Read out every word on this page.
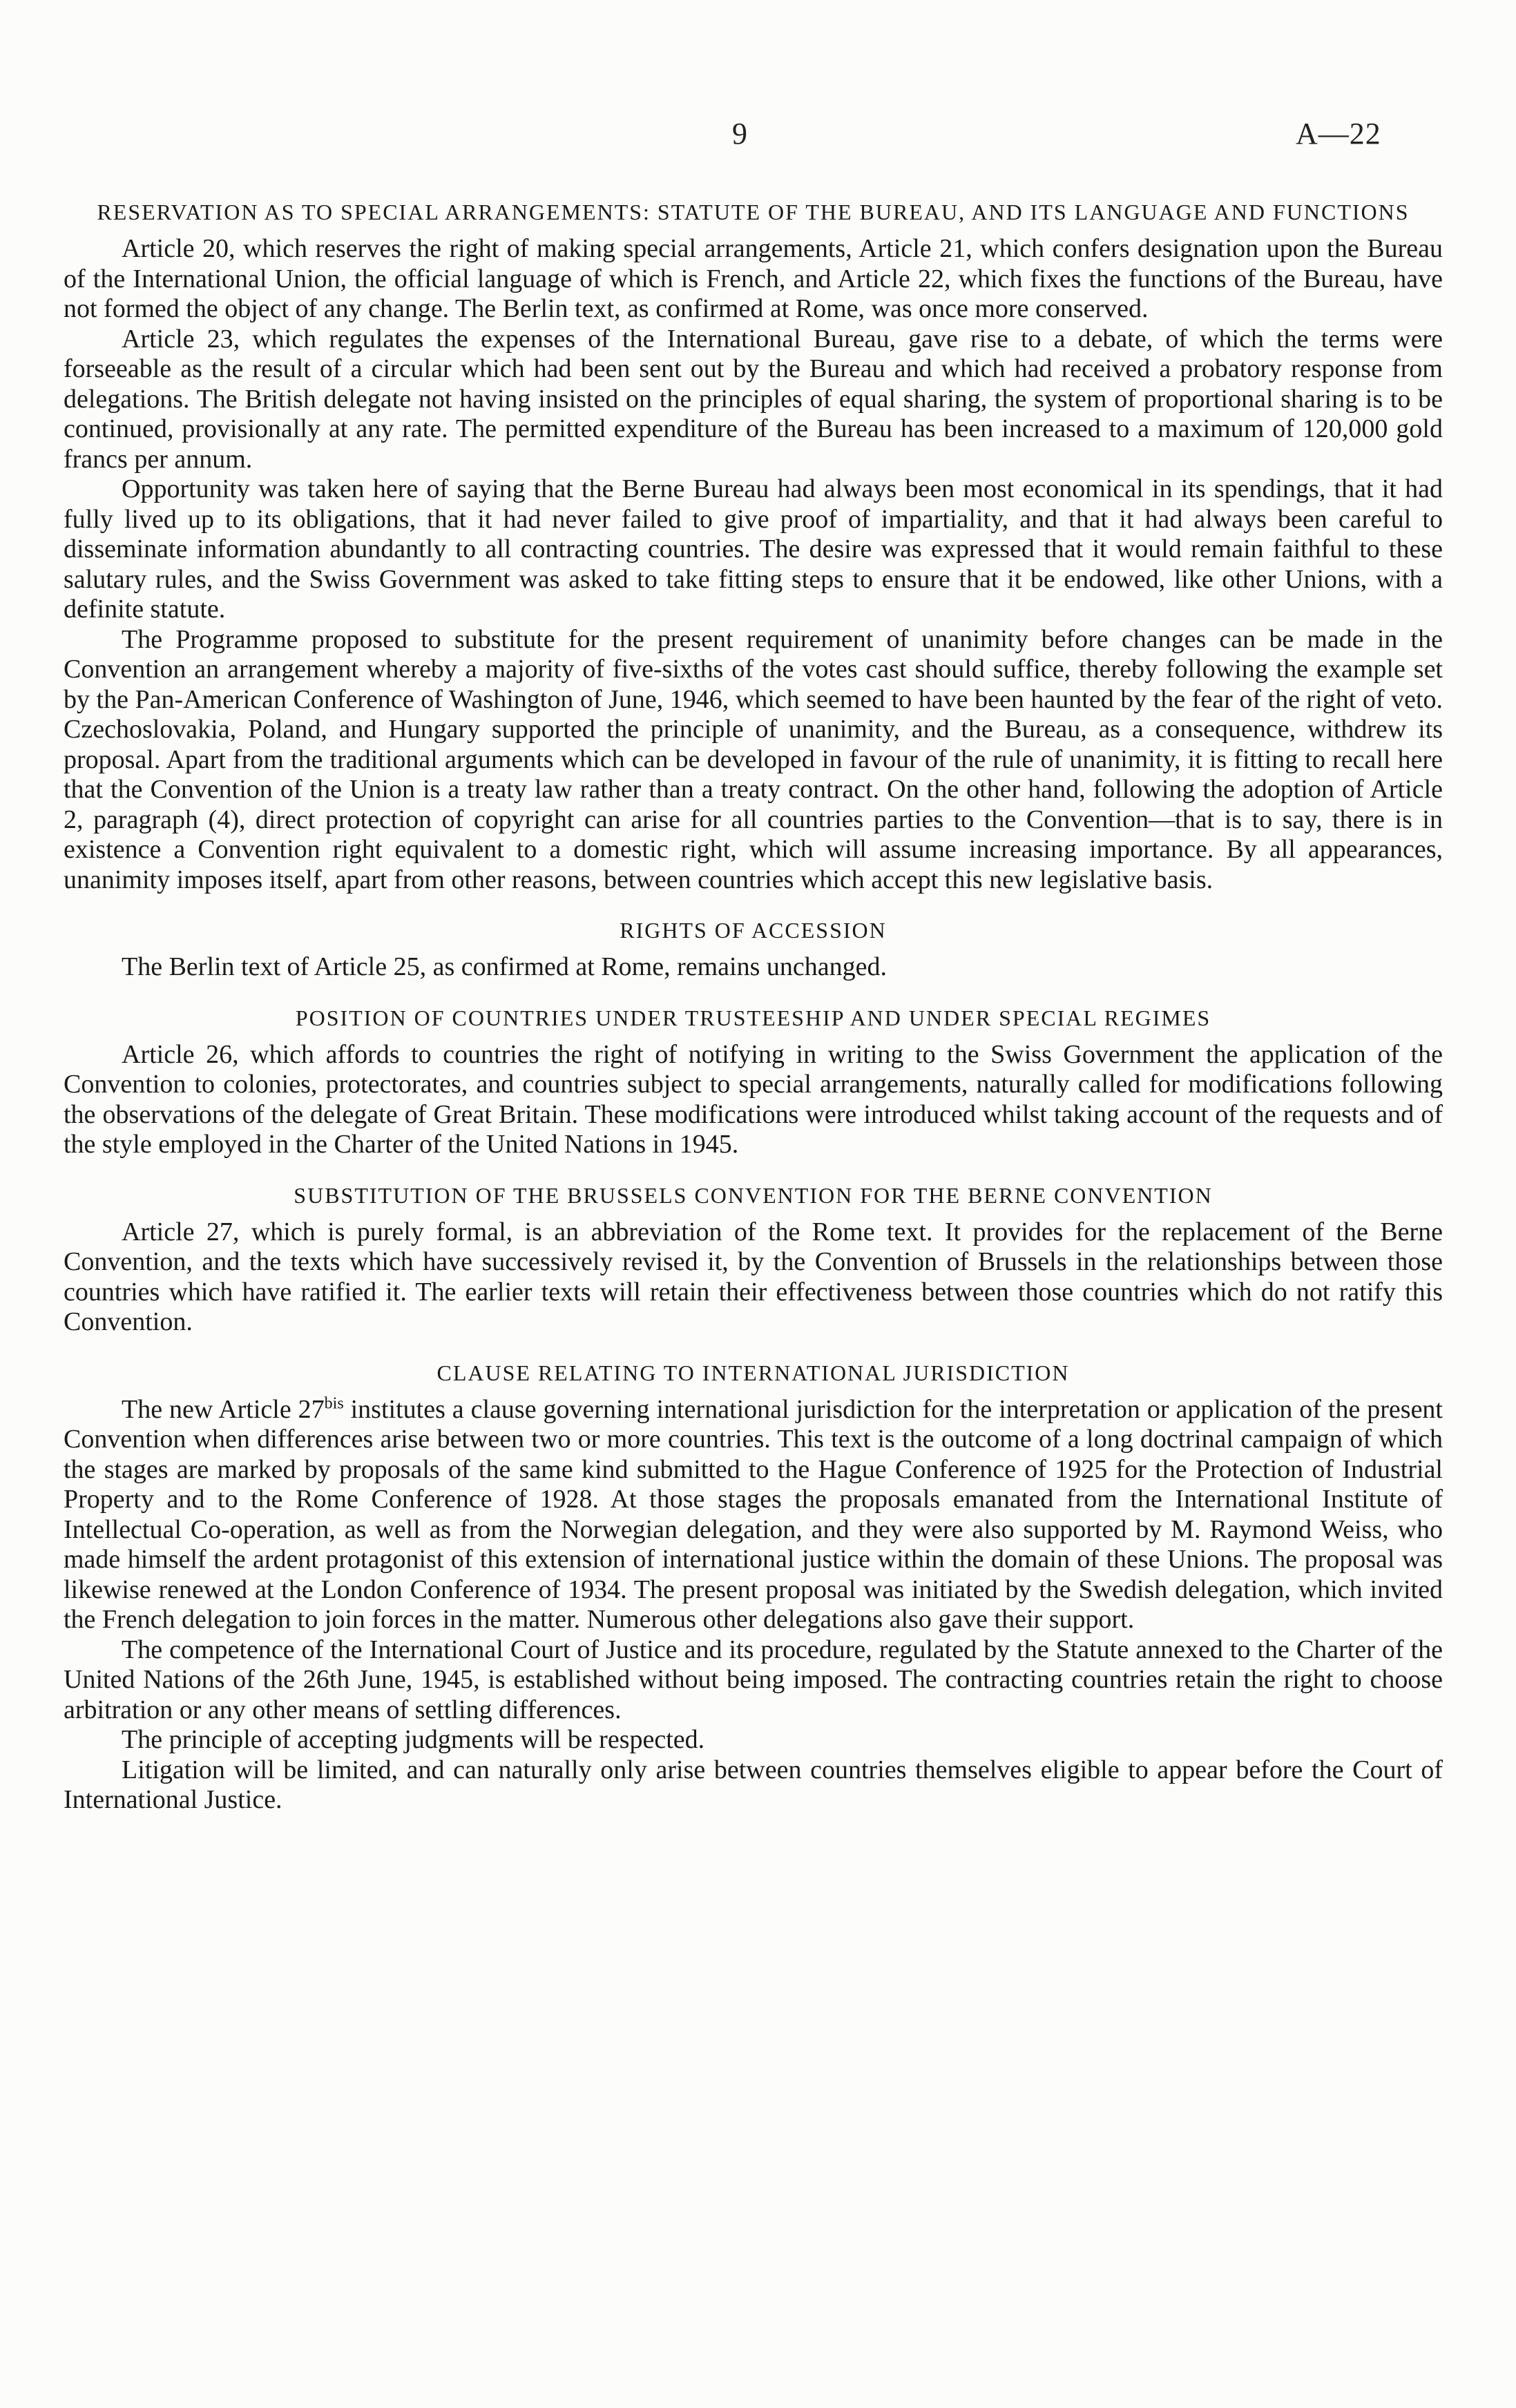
9	A—22
RESERVATION AS TO SPECIAL ARRANGEMENTS: STATUTE OF THE BUREAU, AND ITS LANGUAGE AND FUNCTIONS

Article 20, which reserves the right of making special arrangements, Article 21, which confers designation upon the Bureau of the International Union, the official language of which is French, and Article 22, which fixes the functions of the Bureau, have not formed the object of any change. The Berlin text, as confirmed at Rome, was once more conserved.

Article 23, which regulates the expenses of the International Bureau, gave rise to a debate, of which the terms were forseeable as the result of a circular which had been sent out by the Bureau and which had received a probatory response from delegations. The British delegate not having insisted on the principles of equal sharing, the system of proportional sharing is to be continued, provisionally at any rate. The permitted expenditure of the Bureau has been increased to a maximum of 120,000 gold francs per annum.

Opportunity was taken here of saying that the Berne Bureau had always been most economical in its spendings, that it had fully lived up to its obligations, that it had never failed to give proof of impartiality, and that it had always been careful to disseminate information abundantly to all contracting countries. The desire was expressed that it would remain faithful to these salutary rules, and the Swiss Government was asked to take fitting steps to ensure that it be endowed, like other Unions, with a definite statute.

The Programme proposed to substitute for the present requirement of unanimity before changes can be made in the Convention an arrangement whereby a majority of five-sixths of the votes cast should suffice, thereby following the example set by the Pan-American Conference of Washington of June, 1946, which seemed to have been haunted by the fear of the right of veto. Czechoslovakia, Poland, and Hungary supported the principle of unanimity, and the Bureau, as a consequence, withdrew its proposal. Apart from the traditional arguments which can be developed in favour of the rule of unanimity, it is fitting to recall here that the Convention of the Union is a treaty law rather than a treaty contract. On the other hand, following the adoption of Article 2, paragraph (4), direct protection of copyright can arise for all countries parties to the Convention—that is to say, there is in existence a Convention right equivalent to a domestic right, which will assume increasing importance. By all appearances, unanimity imposes itself, apart from other reasons, between countries which accept this new legislative basis.

RIGHTS OF ACCESSION

The Berlin text of Article 25, as confirmed at Rome, remains unchanged.

POSITION OF COUNTRIES UNDER TRUSTEESHIP AND UNDER SPECIAL REGIMES

Article 26, which affords to countries the right of notifying in writing to the Swiss Government the application of the Convention to colonies, protectorates, and countries subject to special arrangements, naturally called for modifications following the observations of the delegate of Great Britain. These modifications were introduced whilst taking account of the requests and of the style employed in the Charter of the United Nations in 1945.

SUBSTITUTION OF THE BRUSSELS CONVENTION FOR THE BERNE CONVENTION

Article 27, which is purely formal, is an abbreviation of the Rome text. It provides for the replacement of the Berne Convention, and the texts which have successively revised it, by the Convention of Brussels in the relationships between those countries which have ratified it. The earlier texts will retain their effectiveness between those countries which do not ratify this Convention.

CLAUSE RELATING TO INTERNATIONAL JURISDICTION

The new Article $27^{bis}$ institutes a clause governing international jurisdiction for the interpretation or application of the present Convention when differences arise between two or more countries. This text is the outcome of a long doctrinal campaign of which the stages are marked by proposals of the same kind submitted to the Hague Conference of 1925 for the Protection of Industrial Property and to the Rome Conference of 1928. At those stages the proposals emanated from the International Institute of Intellectual Co-operation, as well as from the Norwegian delegation, and they were also supported by M. Raymond Weiss, who made himself the ardent protagonist of this extension of international justice within the domain of these Unions. The proposal was likewise renewed at the London Conference of 1934. The present proposal was initiated by the Swedish delegation, which invited the French delegation to join forces in the matter. Numerous other delegations also gave their support.

The competence of the International Court of Justice and its procedure, regulated by the Statute annexed to the Charter of the United Nations of the 26th June, 1945, is established without being imposed. The contracting countries retain the right to choose arbitration or any other means of settling differences.

The principle of accepting judgments will be respected.

Litigation will be limited, and can naturally only arise between countries themselves eligible to appear before the Court of International Justice.
